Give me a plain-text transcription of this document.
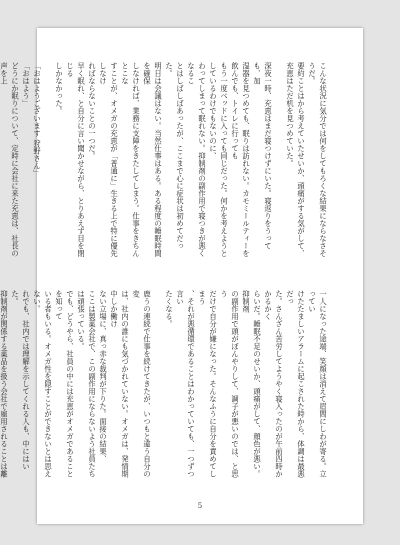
こんな状況に気分では何をしてもろくな結果にならなさそうだ。
要約ことはから考えていたせいか、頭痛がする気がして、
充恵はただ机を見つめていた。

深夜一時、充恵はまだ寝つけずにいた。寝返りをうっても、加
湿器を見つめても、眠りは訪れない。カモミールティーを飲んでも、トイレに行っても
もう一度ベッドに入っても同じだった。何かを考えようとしているわけでもないのに、
わってしまって眠れない。抑制剤の副作用で寝つきが悪くなるこ
とはしばしばあったが、ここまで心に症状は初めてだった。
明日は会議はない。当然仕事はある。ある程度の睡眠時間を確保
しなければ、業務に支障をきたしてしまう。仕事をきちんとこな
すことが、オメガの充恵が「普通に」生きる上で特に優先しなけ
ればならないことの一つだ。
早く眠れ、と自分に言い聞かせながら、とりあえず目を閉じる
しかなかった。

「おはようございます 狩野さん」
「おはよう」
どうにか眠りについて、定時に会社に来た充恵は、社長の声を上

一人になった途端、笑顔は消えて眉間にしわが寄る。立ってい
けたたましいアラームに起こされた時から、体調は最悪だっ
た。さんざん苦労してようやく寝入ったのが午前四時かかるかく
らいだ。睡眠不足のせいか、頭痛がして、顔色が悪い。抑制剤
の副作用で頭がぼんやりして、調子が悪いのでは、と思う
だけで自分が嫌になった。そんなふうに自分を責めてしまう
、それが悪循環であることはわかっていても、一つずつ言い
たくなる。

鹿うの連続で仕事を続けてきたが、いつもと違う自分の変
は、社内の誰にも気づかれていない。オメガは、発情期中しか働け
ない立場に、真っ赤な裁判が下りた。面接の結果、
ここは製薬会社で、この副作用にならないよう社員たちは頑張っている。
でも、どうやら、社員の中には充恵がオメガであることを知って
いる者もいる。オメガ性を隠すことができないとは思えない。
れでも、社内では理解を示してくれる人も、中にはいた。
抑制剤が関係する薬品を扱う会社で雇用されることは離

5
